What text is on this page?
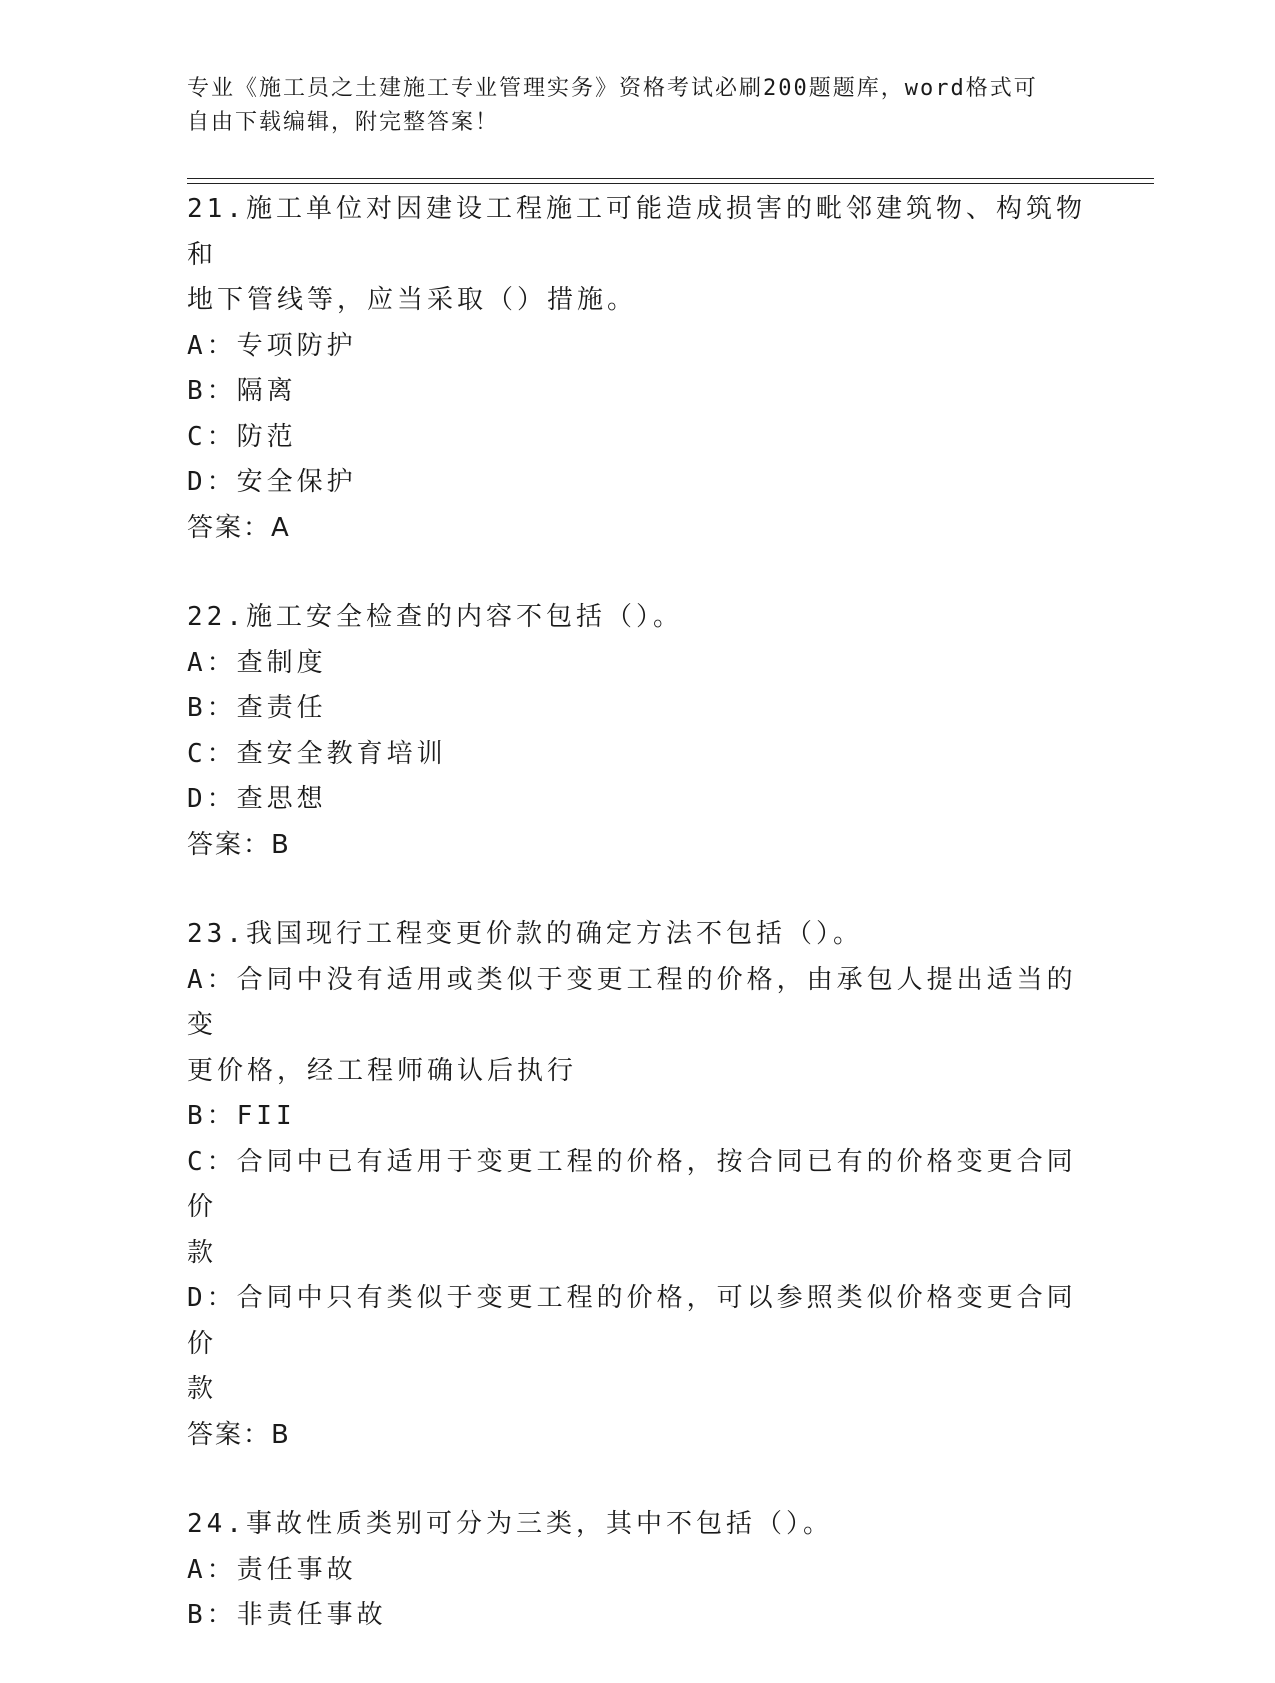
专业《施工员之土建施工专业管理实务》资格考试必刷200题题库，word格式可
自由下载编辑，附完整答案！
21.施工单位对因建设工程施工可能造成损害的毗邻建筑物、构筑物和
地下管线等，应当采取（）措施。
A：专项防护
B：隔离
C：防范
D：安全保护
答案：A
22.施工安全检查的内容不包括（）。
A：查制度
B：查责任
C：查安全教育培训
D：查思想
答案：B
23.我国现行工程变更价款的确定方法不包括（）。
A：合同中没有适用或类似于变更工程的价格，由承包人提出适当的变
更价格，经工程师确认后执行
B：FII
C：合同中已有适用于变更工程的价格，按合同已有的价格变更合同价
款
D：合同中只有类似于变更工程的价格，可以参照类似价格变更合同价
款
答案：B
24.事故性质类别可分为三类，其中不包括（）。
A：责任事故
B：非责任事故
